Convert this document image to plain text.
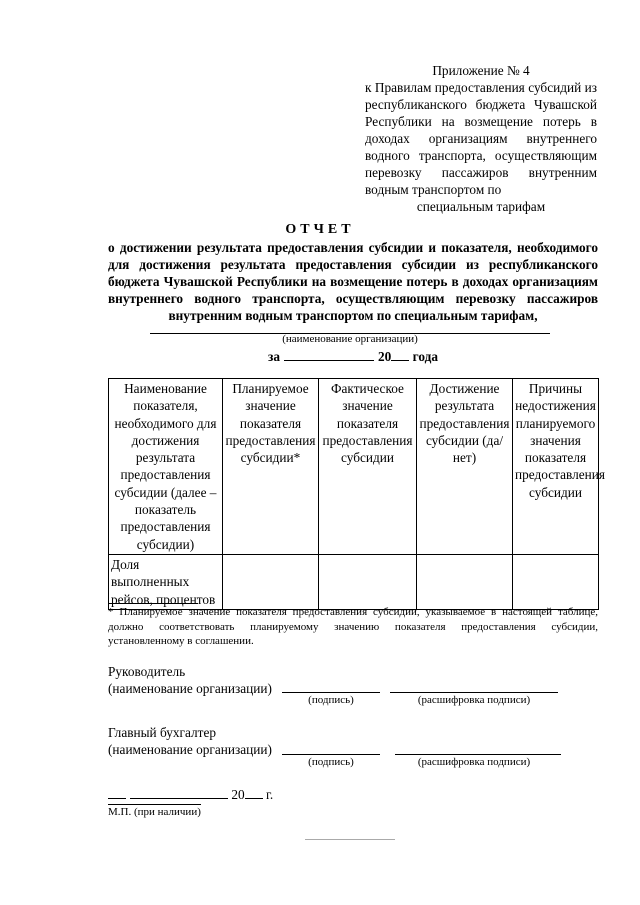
Приложение № 4
к Правилам предоставления субсидий из республиканского бюджета Чувашской Республики на возмещение потерь в доходах организациям внутреннего водного транспорта, осуществляющим перевозку пассажиров внутренним водным транспортом по
специальным тарифам
ОТЧЕТ
о достижении результата предоставления субсидии и показателя, необходимого для достижения результата предоставления субсидии из республиканского бюджета Чувашской Республики на возмещение потерь в доходах организациям внутреннего водного транспорта, осуществляющим перевозку пассажиров внутренним водным транспортом по специальным тарифам,
(наименование организации)
за	20 года
Наименование показателя, необходимого для достижения результата предоставления субсидии (далее – показатель предоставления субсидии)	Планируемое значение показателя предоставления субсидии*	Фактическое значение показателя предоставления субсидии	Достижение результата предоставления субсидии (да/нет)	Причины недостижения планируемого значения показателя предоставления субсидии
Доля выполненных рейсов, процентов				
* Планируемое значение показателя предоставления субсидии, указываемое в настоящей таблице, должно соответствовать планируемому значению показателя предоставления субсидии, установленному в соглашении.
Руководитель
(наименование организации)
(подпись)	(расшифровка подписи)
Главный бухгалтер
(наименование организации)
(подпись)	(расшифровка подписи)
20 г.
М.П. (при наличии)
